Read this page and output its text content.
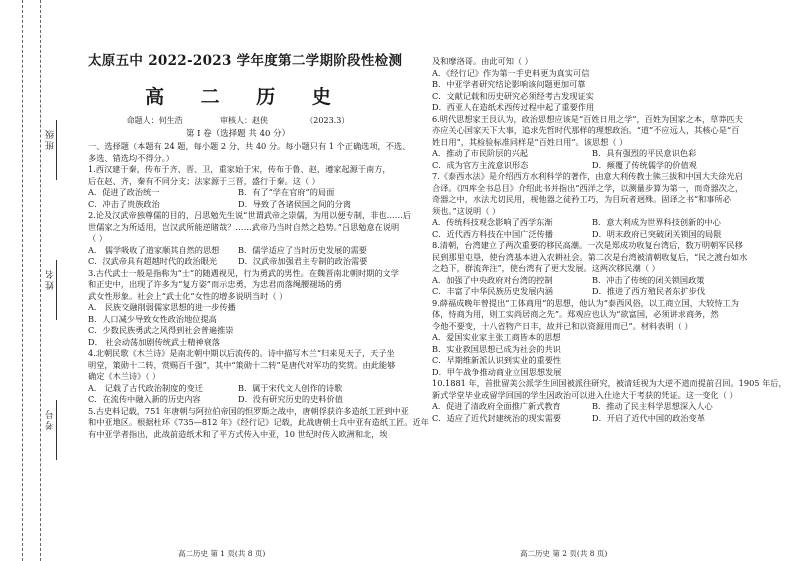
班级
姓名
考号
太原五中 2022-2023 学年度第二学期阶段性检测
高 二 历 史
命题人：何生浩	审核人：赵侠	（2023.3）
第 I 卷（选择题 共 40 分）
一、选择题（本题有 24 题，每小题 2 分，共 40 分。每小题只有 1 个正确选项，不选、
多选、错选均不得分。）
1.西汉建于秦，传布于齐、晋、卫，重家始于宋，传布于鲁、赵，遵家起源于南方，
后在赵、齐，秦有不同分支；法家源于三晋，盛行于秦。这（ ）
A．促进了政治统一	B．有了“学在官府”的局面
C．冲击了贵族政治	D．导致了各诸侯国之间的分离
2.论及汉武帝独尊儒的目的，吕思勉先生说“世谓武帝之崇儒，为用以便专制，非也……后
世儒家之为所适用，岂汉武所能逆睹哉？……武帝乃当时自然之趋势。”吕思勉意在说明
（ ）
A． 儒学吸收了道家顺其自然的思想	B．儒学适应了当时历史发展的需要
C．汉武帝具有超越时代的政治眼光	D．汉武帝加强君主专制的政治需要
3.古代武士一般是指称为“士”的随遇视见，行为勇武的男性。在魏晋南北朝时期的文学
和正史中，出现了许多为“复方姿”而示忠勇，为忠君而落绳腰褪场的勇
武女性形象。社会上“武士化”女性的增多说明当时（ ）
A． 民族交融削弱儒家思想的进一步传播
B．人口减少导致女性政治地位提高
C．少数民族勇武之风得到社会普遍推崇
D． 社会动荡加剧传统武士精神衰落
4.北朝民歌《木兰诗》是南北朝中期以后流传的。诗中描写木兰“归来见天子，天子坐
明堂，策勋十二转，赏赐百千强”，其中“策勋十二转”是唐代对军功的奖赏。由此能够
确定《木兰诗》（ ）
A． 记载了古代政治制度的变迁	B．属于宋代文人创作的诗歌
C．在流传中融入新的历史内容	D．没有研究历史的史料价值
5.古史料记载，751 年唐朝与阿拉伯帝国的怛罗斯之战中，唐朝俘获许多造纸工匠到中亚
和中亚地区。根据杜环《735—812 年》《经行记》记载，此战唐朝士兵中亚有造纸工匠。近年
有中亚学者指出，此战前造纸术和了平方式传入中亚，10 世纪时传入欧洲和北，埃
及和摩洛哥。由此可知（ ）
A．《经行记》作为第一手史料更为真实可信
B．中亚学者研究结论影响该问题更加可靠
C．文献记载和历史研究必须经考古发现证实
D．西亚人在造纸术西传过程中起了重要作用
6.明代思想家王艮认为，政治思想应该是“百姓日用之学”，百姓为国家之本，草莽匹夫
亦应关心国家天下大事，追求先哲时代那样的理想政治。“道”不应远人，其核心是“百
姓日用”，其检验标准同样是“百姓日用”。该思想（ ）
A．推动了市民阶层的兴起	B．具有强烈的平民意识色彩
C．成为官方主流意识形态	D．颠覆了传统儒学的价值观
7.《泰西水法》是介绍西方水利科学的著作，由意大利传教士熊三拔和中国大夫徐光启
合译。《四库全书总目》介绍此书并指出“西洋之学，以测量步算为第一，而奇器次之，
奇器之中，水法尤切民用，视他器之徒矜工巧，为目玩者迥殊。固译之书”和事所必
须也。”这说明（ ）
A．传统科技观念影响了西学东渐	B．意大利成为世界科技创新的中心
C．近代西方科技在中国广泛传播	D．明末政府已突破闭关锁国的局限
8.清朝，台湾建立了两次重要的移民高潮。一次是郑成功收复台湾后，数万明朝军民移
民到那里屯垦，使台湾基本进入农耕社会。第二次是台湾被清朝收复后，“民之渡台如水
之趋下，群流奔注”，使台湾有了更大发展。这两次移民潮（ ）
A．加强了中央政府对台湾的控制	B．冲击了传统的闭关锁国政策
C．丰富了中华民族历史发展内涵	D．推进了西方殖民者东扩步伐
9.薛福成晚年曾提出“工体商用”的思想，他认为“泰西风俗，以工商立国，大较恃工为
体，恃商为用，则工实尚居商之先”。郑观应也认为“欲富国，必须讲求商务，然
令他不要变，十八省物产日丰，故并已和以资源用而已”。材料表明（ ）
A．爱国实业家主张工商皆本的思想
B．实业救国思想已成为社会的共识
C．早期维新派认识到实业的重要性
D．甲午战争推动商业立国思想发展
10.1881 年，首批留美公派学生回国被派往研究，被清廷视为大逆不道而提前召回。1905 年后，
新式学堂毕业或留学回国的学生因政治可以进入仕途大于考获的凭证。这一变化（ ）
A．促进了清政府全面推广新式教育	B．推动了民主科学思想深入人心
C．适应了近代封建统治的现实需要	D．开启了近代中国的政治变革
高二历史 第 1 页(共 8 页)	高二历史 第 2 页(共 8 页)
